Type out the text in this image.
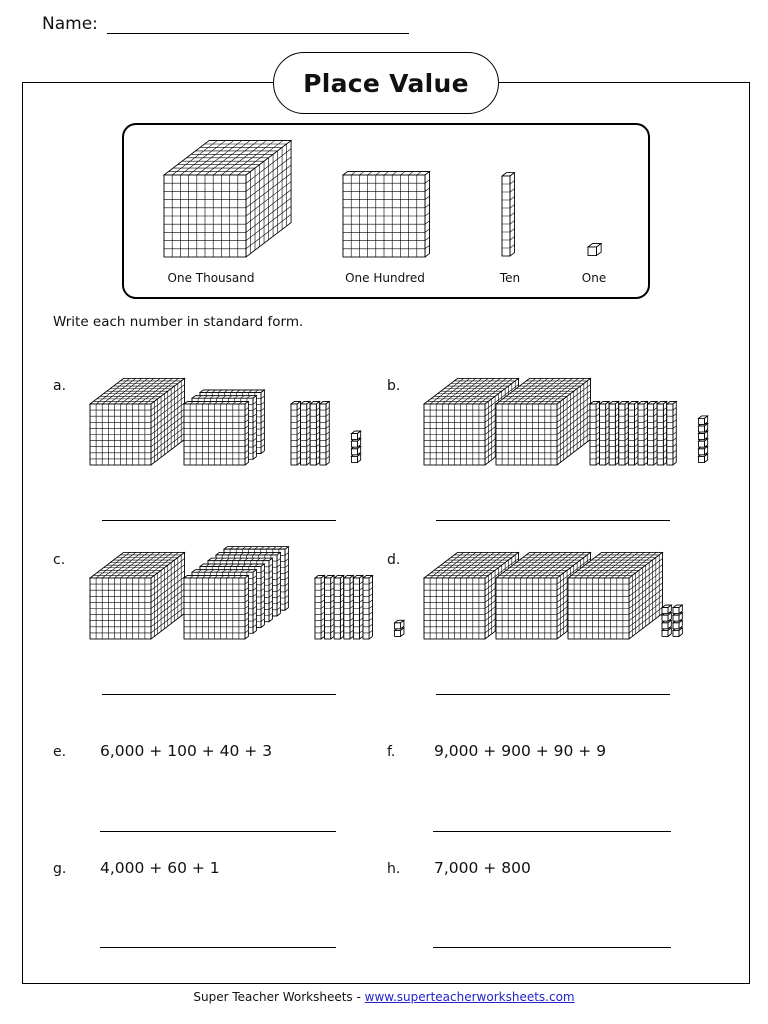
Name:
Place Value
One Thousand	One Hundred	Ten	One
Write each number in standard form.
a.	b.
c.	d.
e. 6,000 + 100 + 40 + 3	f. 9,000 + 900 + 90 + 9
g. 4,000 + 60 + 1	h. 7,000 + 800
Super Teacher Worksheets - www.superteacherworksheets.com
